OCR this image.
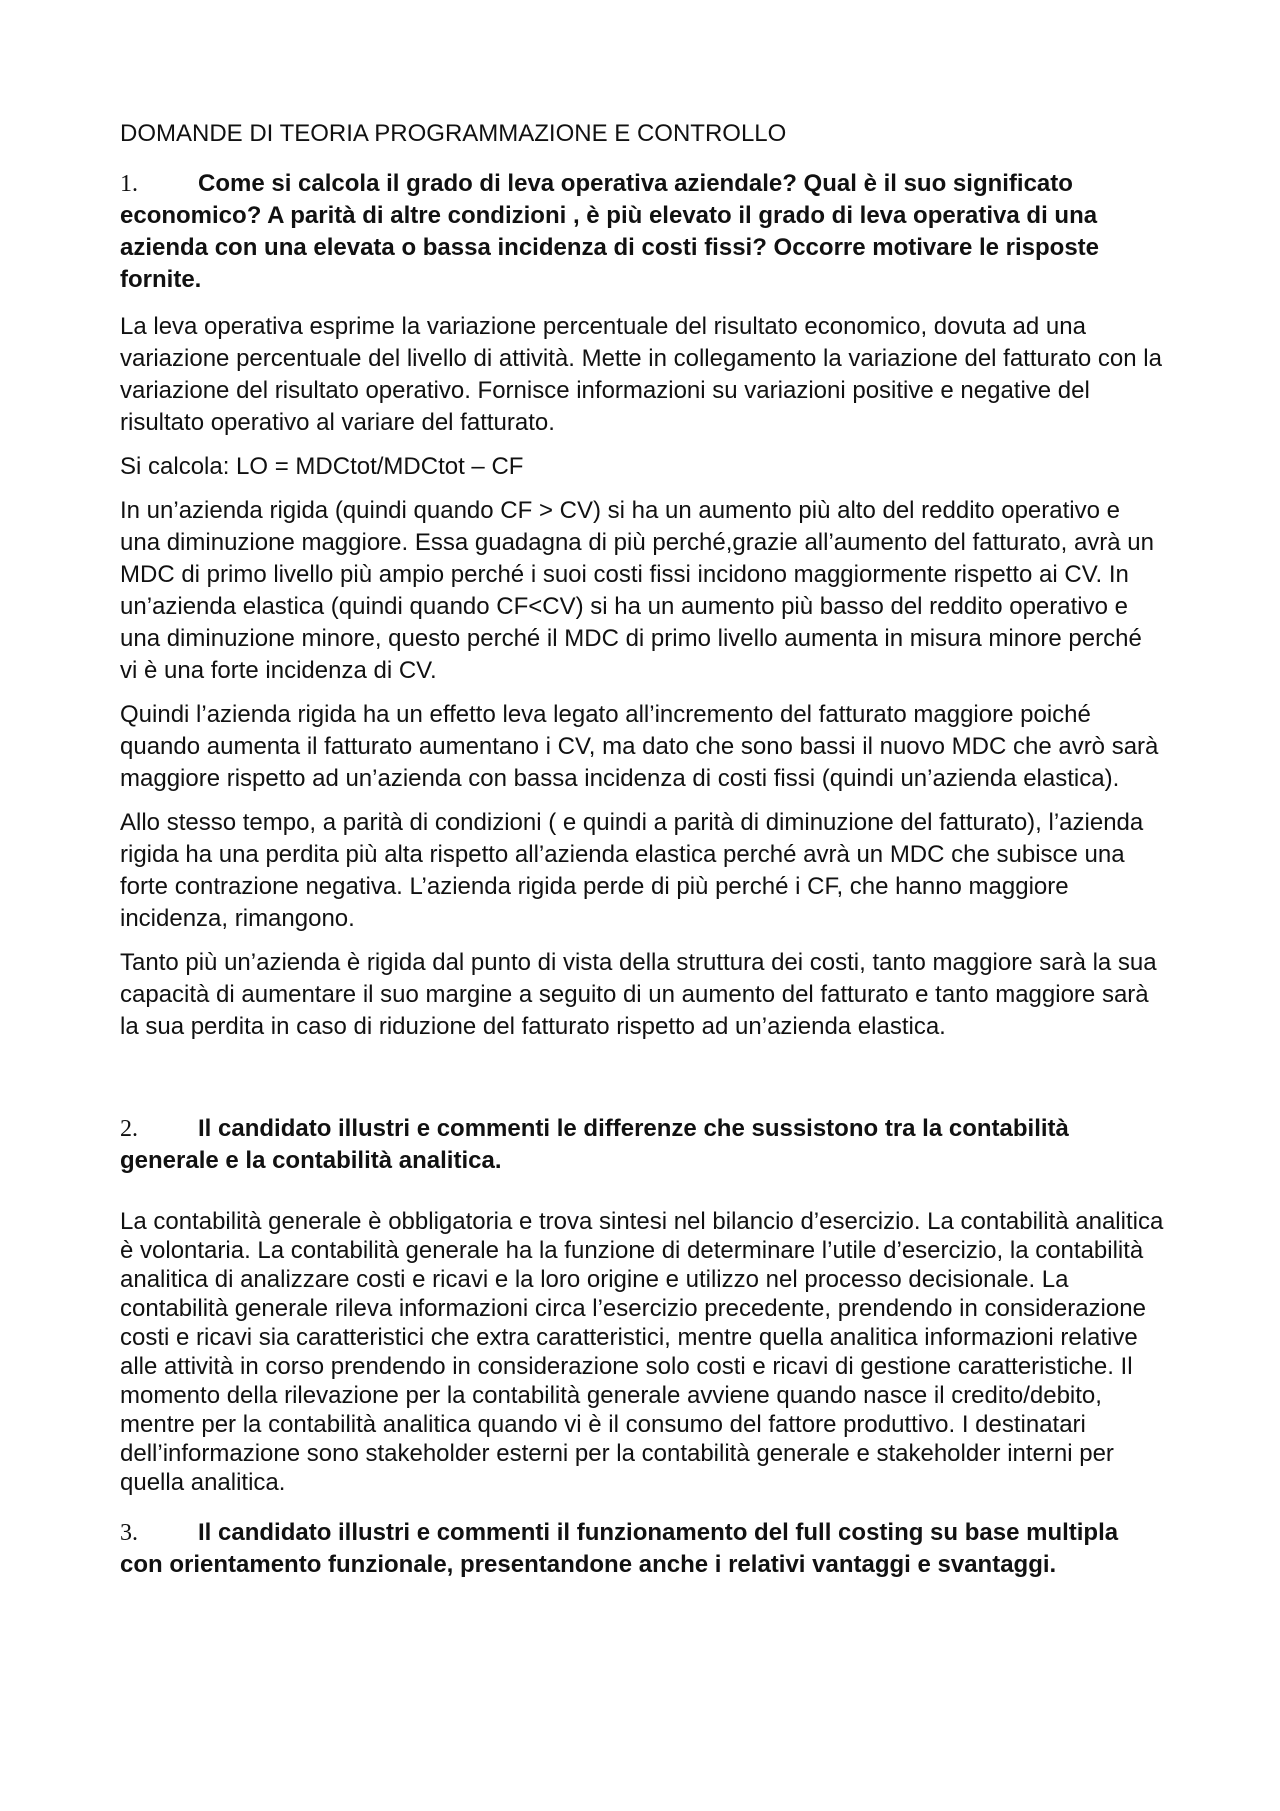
DOMANDE DI TEORIA PROGRAMMAZIONE E CONTROLLO

1.	Come si calcola il grado di leva operativa aziendale? Qual è il suo significato economico? A parità di altre condizioni , è più elevato il grado di leva operativa di una azienda con una elevata o bassa incidenza di costi fissi? Occorre motivare le risposte fornite.

La leva operativa esprime la variazione percentuale del risultato economico, dovuta ad una variazione percentuale del livello di attività. Mette in collegamento la variazione del fatturato con la variazione del risultato operativo. Fornisce informazioni su variazioni positive e negative del risultato operativo al variare del fatturato.

Si calcola: LO = MDCtot/MDCtot – CF

In un’azienda rigida (quindi quando CF > CV) si ha un aumento più alto del reddito operativo e una diminuzione maggiore. Essa guadagna di più perché,grazie all’aumento del fatturato, avrà un MDC di primo livello più ampio perché i suoi costi fissi incidono maggiormente rispetto ai CV. In un’azienda elastica (quindi quando CF<CV) si ha un aumento più basso del reddito operativo e una diminuzione minore, questo perché il MDC di primo livello aumenta in misura minore perché vi è una forte incidenza di CV.

Quindi l’azienda rigida ha un effetto leva legato all’incremento del fatturato maggiore poiché quando aumenta il fatturato aumentano i CV, ma dato che sono bassi il nuovo MDC che avrò sarà maggiore rispetto ad un’azienda con bassa incidenza di costi fissi (quindi un’azienda elastica).

Allo stesso tempo, a parità di condizioni ( e quindi a parità di diminuzione del fatturato), l’azienda rigida ha una perdita più alta rispetto all’azienda elastica perché avrà un MDC che subisce una forte contrazione negativa. L’azienda rigida perde di più perché i CF, che hanno maggiore incidenza, rimangono.

Tanto più un’azienda è rigida dal punto di vista della struttura dei costi, tanto maggiore sarà la sua capacità di aumentare il suo margine a seguito di un aumento del fatturato e tanto maggiore sarà la sua perdita in caso di riduzione del fatturato rispetto ad un’azienda elastica.

2.	Il candidato illustri e commenti le differenze che sussistono tra la contabilità generale e la contabilità analitica.

La contabilità generale è obbligatoria e trova sintesi nel bilancio d’esercizio. La contabilità analitica è volontaria. La contabilità generale ha la funzione di determinare l’utile d’esercizio, la contabilità analitica di analizzare costi e ricavi e la loro origine e utilizzo nel processo decisionale. La contabilità generale rileva informazioni circa l’esercizio precedente, prendendo in considerazione costi e ricavi sia caratteristici che extra caratteristici, mentre quella analitica informazioni relative alle attività in corso prendendo in considerazione solo costi e ricavi di gestione caratteristiche. Il momento della rilevazione per la contabilità generale avviene quando nasce il credito/debito, mentre per la contabilità analitica quando vi è il consumo del fattore produttivo. I destinatari dell’informazione sono stakeholder esterni per la contabilità generale e stakeholder interni per quella analitica.

3.	Il candidato illustri e commenti il funzionamento del full costing su base multipla con orientamento funzionale, presentandone anche i relativi vantaggi e svantaggi.
